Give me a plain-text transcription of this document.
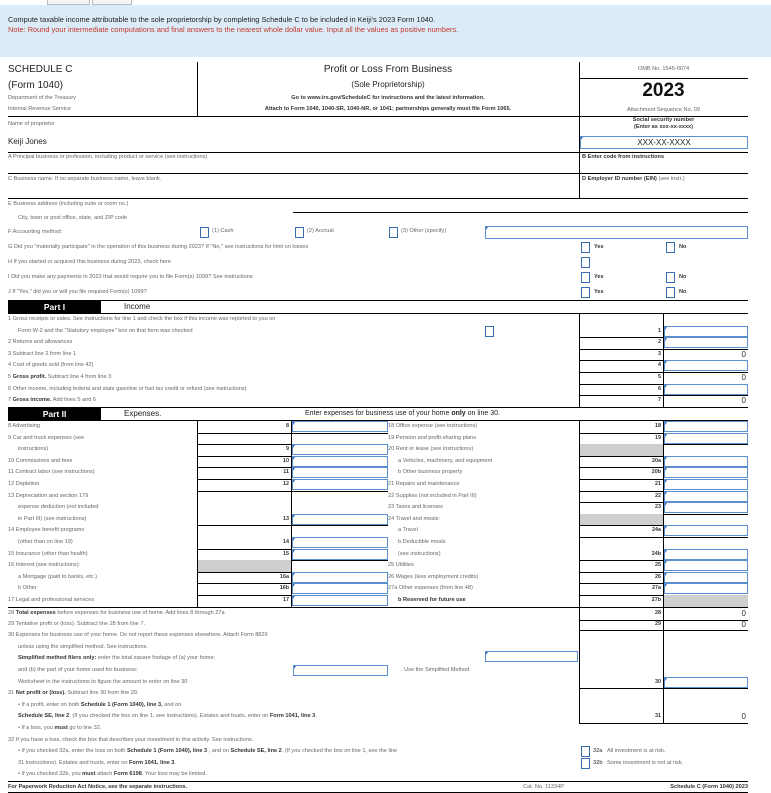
Compute taxable income attributable to the sole proprietorship by completing Schedule C to be included in Keiji's 2023 Form 1040.
Note: Round your intermediate computations and final answers to the nearest whole dollar value. Input all the values as positive numbers.
SCHEDULE C
(Form 1040)
Department of the Treasury
Internal Revenue Service
Profit or Loss From Business
(Sole Proprietorship)
Go to www.irs.gov/ScheduleC for instructions and the latest information.
Attach to Form 1040, 1040-SR, 1040-NR, or 1041; partnerships generally must file Form 1065.
OMB No. 1545-0074
2023
Attachment Sequence No. 09
Name of proprietor
Keiji Jones
Social security number
(Enter as xxx-xx-xxxx)
XXX-XX-XXXX
A Principal business or profession, including product or service (see instructions)	B Enter code from instructions
C Business name. If no separate business name, leave blank.	D Employer ID number (EIN) (see instr.)
E Business address (including suite or room no.)
City, town or post office, state, and ZIP code
F Accounting method:	(1) Cash	(2) Accrual	(3) Other (specify)
G Did you "materially participate" in the operation of this business during 2023? If "No," see instructions for limit on losses	Yes	No
H If you started or acquired this business during 2023, check here
I Did you make any payments in 2023 that would require you to file Form(s) 1099? See instructions	Yes	No
J If "Yes," did you or will you file required Form(s) 1099?	Yes	No
Part I	Income
1 Gross receipts or sales. See instructions for line 1 and check the box if this income was reported to you on
Form W-2 and the "Statutory employee" box on that form was checked	1
2 Returns and allowances	2
3 Subtract line 2 from line 1	3	0
4 Cost of goods sold (from line 42)	4
5 Gross profit. Subtract line 4 from line 3	5	0
6 Other income, including federal and state gasoline or fuel tax credit or refund (see instructions)	6
7 Gross income. Add lines 5 and 6	7	0
Part II	Expenses.	Enter expenses for business use of your home only on line 30.
8 Advertising	8	18 Office expense (see instructions)	18
9 Car and truck expenses (see	19 Pension and profit-sharing plans	19
instructions)	9	20 Rent or lease (see instructions)
10 Commissions and fees	10	a Vehicles, machinery, and equipment	20a
11 Contract labor (see instructions)	11	b Other business property	20b
12 Depletion	12	21 Repairs and maintenance	21
13 Depreciation and section 179	22 Supplies (not included in Part III)	22
expense deduction (not included	23 Taxes and licenses	23
in Part III) (see instructions)	13	24 Travel and meals:
14 Employee benefit programs	a Travel	24a
(other than on line 19)	14	b Deductible meals
15 Insurance (other than health)	15	(see instructions)	24b
16 Interest (see instructions):	25 Utilities	25
a Mortgage (paid to banks, etc.)	16a	26 Wages (less employment credits)	26
b Other	16b	27a Other expenses (from line 48)	27a
17 Legal and professional services	17	b Reserved for future use	27b
28 Total expenses before expenses for business use of home. Add lines 8 through 27a	28	0
29 Tentative profit or (loss). Subtract line 28 from line 7.	29	0
30 Expenses for business use of your home. Do not report these expenses elsewhere. Attach Form 8829
unless using the simplified method. See instructions.
Simplified method filers only: enter the total square footage of (a) your home:
and (b) the part of your home used for business:	. Use the Simplified Method
Worksheet in the instructions to figure the amount to enter on line 30	30
31 Net profit or (loss). Subtract line 30 from line 29.
• If a profit, enter on both Schedule 1 (Form 1040), line 3, and on
Schedule SE, line 2. (If you checked the box on line 1, see instructions). Estates and trusts, enter on Form 1041, line 3.	31	0
• If a loss, you must go to line 32.
32 If you have a loss, check the box that describes your investment in this activity. See instructions.
• If you checked 32a, enter the loss on both Schedule 1 (Form 1040), line 3 , and on Schedule SE, line 2. (If you checked the box on line 1, see the line	32a All investment is at risk.
31 instructions). Estates and trusts, enter on Form 1041, line 3.	32b Some investment is not at risk.
• If you checked 32b, you must attach Form 6198. Your loss may be limited.
For Paperwork Reduction Act Notice, see the separate instructions.	Cat. No. 11334P	Schedule C (Form 1040) 2023
